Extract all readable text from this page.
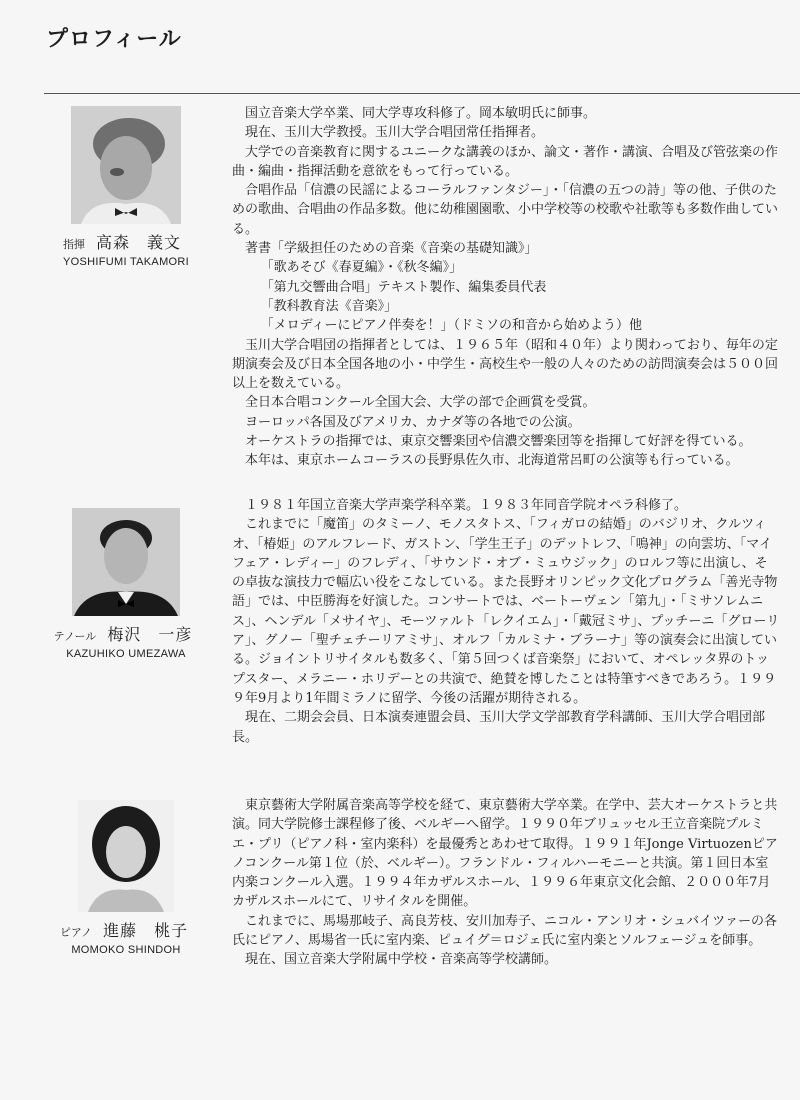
プロフィール
指揮 高森　義文
YOSHIFUMI TAKAMORI

国立音楽大学卒業、同大学専攻科修了。岡本敏明氏に師事。

現在、玉川大学教授。玉川大学合唱団常任指揮者。

大学での音楽教育に関するユニークな講義のほか、論文・著作・講演、合唱及び管弦楽の作曲・編曲・指揮活動を意欲をもって行っている。

合唱作品「信濃の民謡によるコーラルファンタジー」・「信濃の五つの詩」等の他、子供のための歌曲、合唱曲の作品多数。他に幼稚園園歌、小中学校等の校歌や社歌等も多数作曲している。

著書「学級担任のための音楽《音楽の基礎知識》」

「歌あそび《春夏編》・《秋冬編》」

「第九交響曲合唱」テキスト製作、編集委員代表

「教科教育法《音楽》」

「メロディーにピアノ伴奏を！」（ドミソの和音から始めよう）他

玉川大学合唱団の指揮者としては、１９６５年（昭和４０年）より関わっており、毎年の定期演奏会及び日本全国各地の小・中学生・高校生や一般の人々のための訪問演奏会は５００回以上を数えている。

全日本合唱コンクール全国大会、大学の部で企画賞を受賞。

ヨーロッパ各国及びアメリカ、カナダ等の各地での公演。

オーケストラの指揮では、東京交響楽団や信濃交響楽団等を指揮して好評を得ている。

本年は、東京ホームコーラスの長野県佐久市、北海道常呂町の公演等も行っている。

テノール 梅沢　一彦
KAZUHIKO UMEZAWA

１９８１年国立音楽大学声楽学科卒業。１９８３年同音学院オペラ科修了。

これまでに「魔笛」のタミーノ、モノスタトス、「フィガロの結婚」のバジリオ、クルツィオ、「椿姫」のアルフレード、ガストン、「学生王子」のデットレフ、「鳴神」の向雲坊、「マイフェア・レディー」のフレディ、「サウンド・オブ・ミュウジック」のロルフ等に出演し、その卓抜な演技力で幅広い役をこなしている。また長野オリンピック文化プログラム「善光寺物語」では、中臣勝海を好演した。コンサートでは、ベートーヴェン「第九」・「ミサソレムニス」、ヘンデル「メサイヤ」、モーツァルト「レクイエム」・「戴冠ミサ」、プッチーニ「グローリア」、グノー「聖チェチーリアミサ」、オルフ「カルミナ・ブラーナ」等の演奏会に出演している。ジョイントリサイタルも数多く、「第５回つくば音楽祭」において、オペレッタ界のトップスター、メラニー・ホリデーとの共演で、絶賛を博したことは特筆すべきであろう。１９９９年9月より1年間ミラノに留学、今後の活躍が期待される。

現在、二期会会員、日本演奏連盟会員、玉川大学文学部教育学科講師、玉川大学合唱団部長。

ピアノ 進藤　桃子
MOMOKO SHINDOH

東京藝術大学附属音楽高等学校を経て、東京藝術大学卒業。在学中、芸大オーケストラと共演。同大学院修士課程修了後、ベルギーへ留学。１９９０年ブリュッセル王立音楽院プルミエ・プリ（ピアノ科・室内楽科）を最優秀とあわせて取得。１９９１年Jonge Virtuozenピアノコンクール第１位（於、ベルギー）。フランドル・フィルハーモニーと共演。第１回日本室内楽コンクール入選。１９９４年カザルスホール、１９９６年東京文化会館、２０００年7月カザルスホールにて、リサイタルを開催。

これまでに、馬場那岐子、高良芳枝、安川加寿子、ニコル・アンリオ・シュバイツァーの各氏にピアノ、馬場省一氏に室内楽、ピュイグ＝ロジェ氏に室内楽とソルフェージュを師事。

現在、国立音楽大学附属中学校・音楽高等学校講師。
